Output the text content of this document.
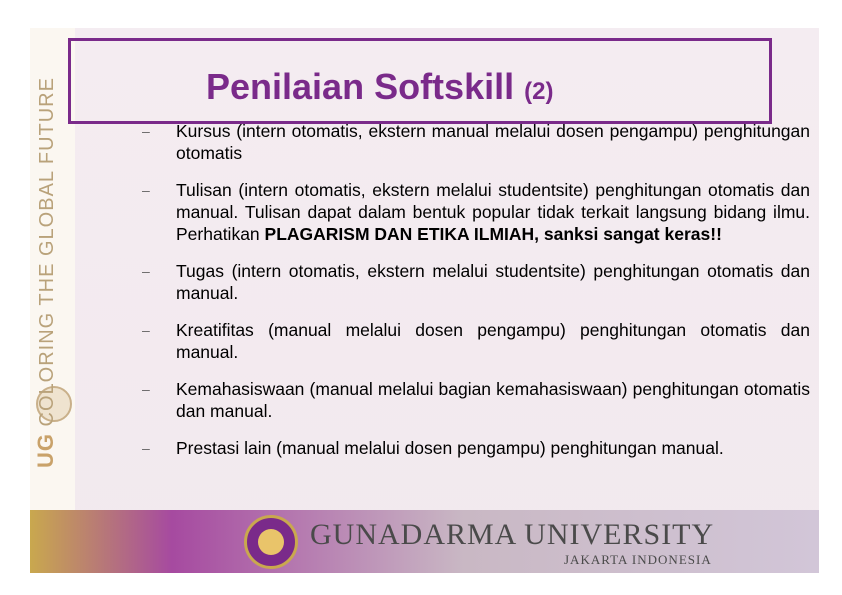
UG COLORING THE GLOBAL FUTURE	Penilaian Softskill (2)
– Kursus (intern otomatis, ekstern manual melalui dosen pengampu) penghitungan otomatis
– Tulisan (intern otomatis, ekstern melalui studentsite) penghitungan otomatis dan manual. Tulisan dapat dalam bentuk popular tidak terkait langsung bidang ilmu. Perhatikan PLAGARISM DAN ETIKA ILMIAH, sanksi sangat keras!!
– Tugas (intern otomatis, ekstern melalui studentsite) penghitungan otomatis dan manual.
– Kreatifitas (manual melalui dosen pengampu) penghitungan otomatis dan manual.
– Kemahasiswaan (manual melalui bagian kemahasiswaan) penghitungan otomatis dan manual.
– Prestasi lain (manual melalui dosen pengampu) penghitungan manual.
GUNADARMA UNIVERSITY
JAKARTA INDONESIA
